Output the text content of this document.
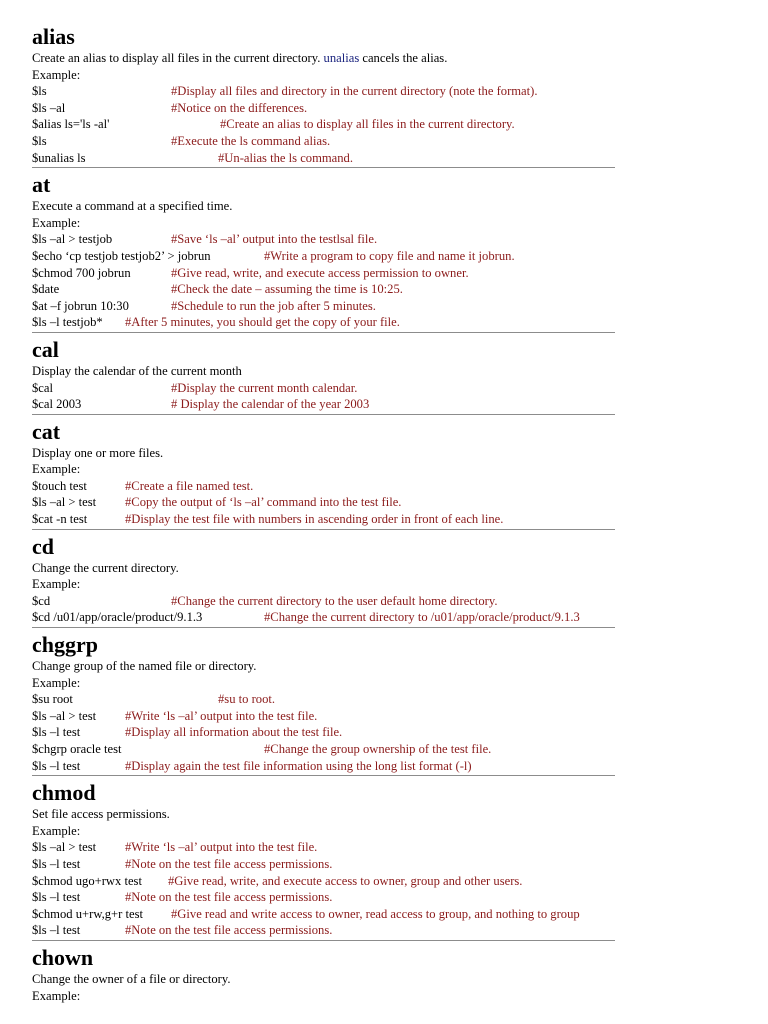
alias
Create an alias to display all files in the current directory. unalias cancels the alias.
Example:
$ls	#Display all files and directory in the current directory (note the format).
$ls –al	#Notice on the differences.
$alias ls='ls -al'	#Create an alias to display all files in the current directory.
$ls	#Execute the ls command alias.
$unalias ls	#Un-alias the ls command.
at
Execute a command at a specified time.
Example:
$ls –al > testjob	#Save ‘ls –al’ output into the testlsal file.
$echo ‘cp testjob testjob2’ > jobrun	#Write a program to copy file and name it jobrun.
$chmod 700 jobrun	#Give read, write, and execute access permission to owner.
$date	#Check the date – assuming the time is 10:25.
$at –f jobrun 10:30	#Schedule to run the job after 5 minutes.
$ls –l testjob* #After 5 minutes, you should get the copy of your file.
cal
Display the calendar of the current month
$cal	#Display the current month calendar.
$cal 2003	# Display the calendar of the year 2003
cat
Display one or more files.
Example:
$touch test	#Create a file named test.
$ls –al > test #Copy the output of ‘ls –al’ command into the test file.
$cat -n test	#Display the test file with numbers in ascending order in front of each line.
cd
Change the current directory.
Example:
$cd	#Change the current directory to the user default home directory.
$cd /u01/app/oracle/product/9.1.3	#Change the current directory to /u01/app/oracle/product/9.1.3
chggrp
Change group of the named file or directory.
Example:
$su root	#su to root.
$ls –al > test #Write ‘ls –al’ output into the test file.
$ls –l test	#Display all information about the test file.
$chgrp oracle test	#Change the group ownership of the test file.
$ls –l test	#Display again the test file information using the long list format (-l)
chmod
Set file access permissions.
Example:
$ls –al > test #Write ‘ls –al’ output into the test file.
$ls –l test	#Note on the test file access permissions.
$chmod ugo+rwx test #Give read, write, and execute access to owner, group and other users.
$ls –l test	#Note on the test file access permissions.
$chmod u+rw,g+r test #Give read and write access to owner, read access to group, and nothing to group
$ls –l test	#Note on the test file access permissions.
chown
Change the owner of a file or directory.
Example:
